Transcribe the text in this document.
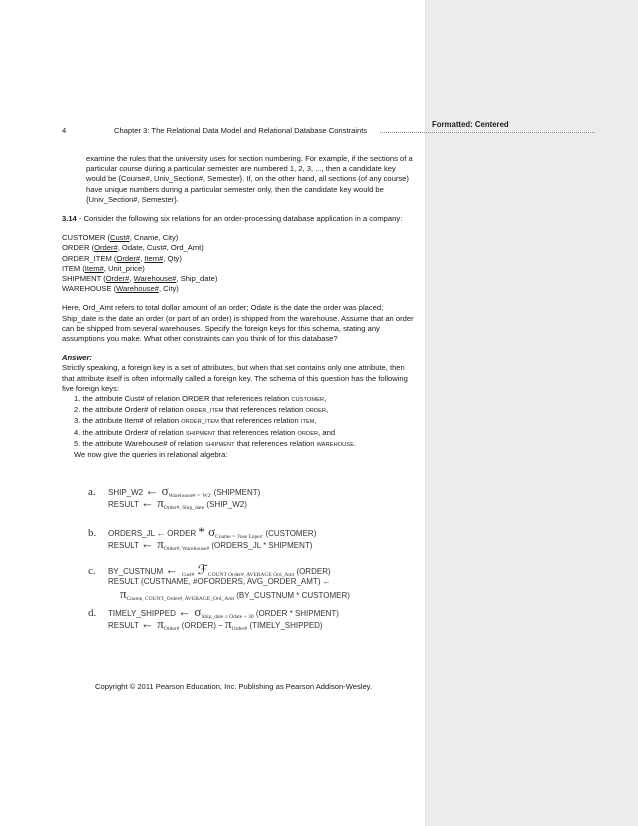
Formatted: Centered
4	Chapter 3: The Relational Data Model and Relational Database Constraints

examine the rules that the university uses for section numbering. For example, if the sections of a particular course during a particular semester are numbered 1, 2, 3, ..., then a candidate key would be {Course#, Univ_Section#, Semester}. If, on the other hand, all sections (of any course) have unique numbers during a particular semester only, then the candidate key would be {Univ_Section#, Semester}.

3.14 - Consider the following six relations for an order-processing database application in a company:

CUSTOMER (Cust#, Cname, City)

ORDER (Order#, Odate, Cust#, Ord_Amt)

ORDER_ITEM (Order#, Item#, Qty)

ITEM (Item#, Unit_price)

SHIPMENT (Order#, Warehouse#, Ship_date)

WAREHOUSE (Warehouse#, City)

Here, Ord_Amt refers to total dollar amount of an order; Odate is the date the order was placed; Ship_date is the date an order (or part of an order) is shipped from the warehouse. Assume that an order can be shipped from several warehouses. Specify the foreign keys for this schema, stating any assumptions you make. What other constraints can you think of for this database?

Answer:

Strictly speaking, a foreign key is a set of attributes, but when that set contains only one attribute, then that attribute itself is often informally called a foreign key. The schema of this question has the following five foreign keys:

1. the attribute Cust# of relation ORDER that references relation CUSTOMER,

2. the attribute Order# of relation ORDER_ITEM that references relation ORDER,

3. the attribute Item# of relation ORDER_ITEM that references relation ITEM,

4. the attribute Order# of relation SHIPMENT that references relation ORDER, and

5. the attribute Warehouse# of relation SHIPMENT that references relation WAREHOUSE.

We now give the queries in relational algebra:

a. SHIP_W2 ← $\sigma_{Warehouse\# = 'W2'}$ (SHIPMENT)
RESULT ← $\pi_{Order\#, Ship\_date}$ (SHIP_W2)
b. ORDERS_JL ← ORDER * $\sigma_{Cname = 'Jose Lopez'}$ (CUSTOMER)
RESULT ← $\pi_{Order\#, Warehouse\#}$ (ORDERS_JL * SHIPMENT)
c. BY_CUSTNUM ← $_{Cust\#}$ ℱ$_{COUNT Order\#, AVERAGE Ord\_Amt}$ (ORDER)
RESULT (CUSTNAME, #OFORDERS, AVG_ORDER_AMT) ←
$\pi_{Cname, COUNT\_Order\#, AVERAGE\_Ord\_Amt}$ (BY_CUSTNUM * CUSTOMER)
d. TIMELY_SHIPPED ← $\sigma_{Ship\_date \le Odate + 30}$ (ORDER * SHIPMENT)
RESULT ← $\pi_{Order\#}$ (ORDER) − $\pi_{Order\#}$ (TIMELY_SHIPPED)
Copyright © 2011 Pearson Education, Inc. Publishing as Pearson Addison-Wesley.
